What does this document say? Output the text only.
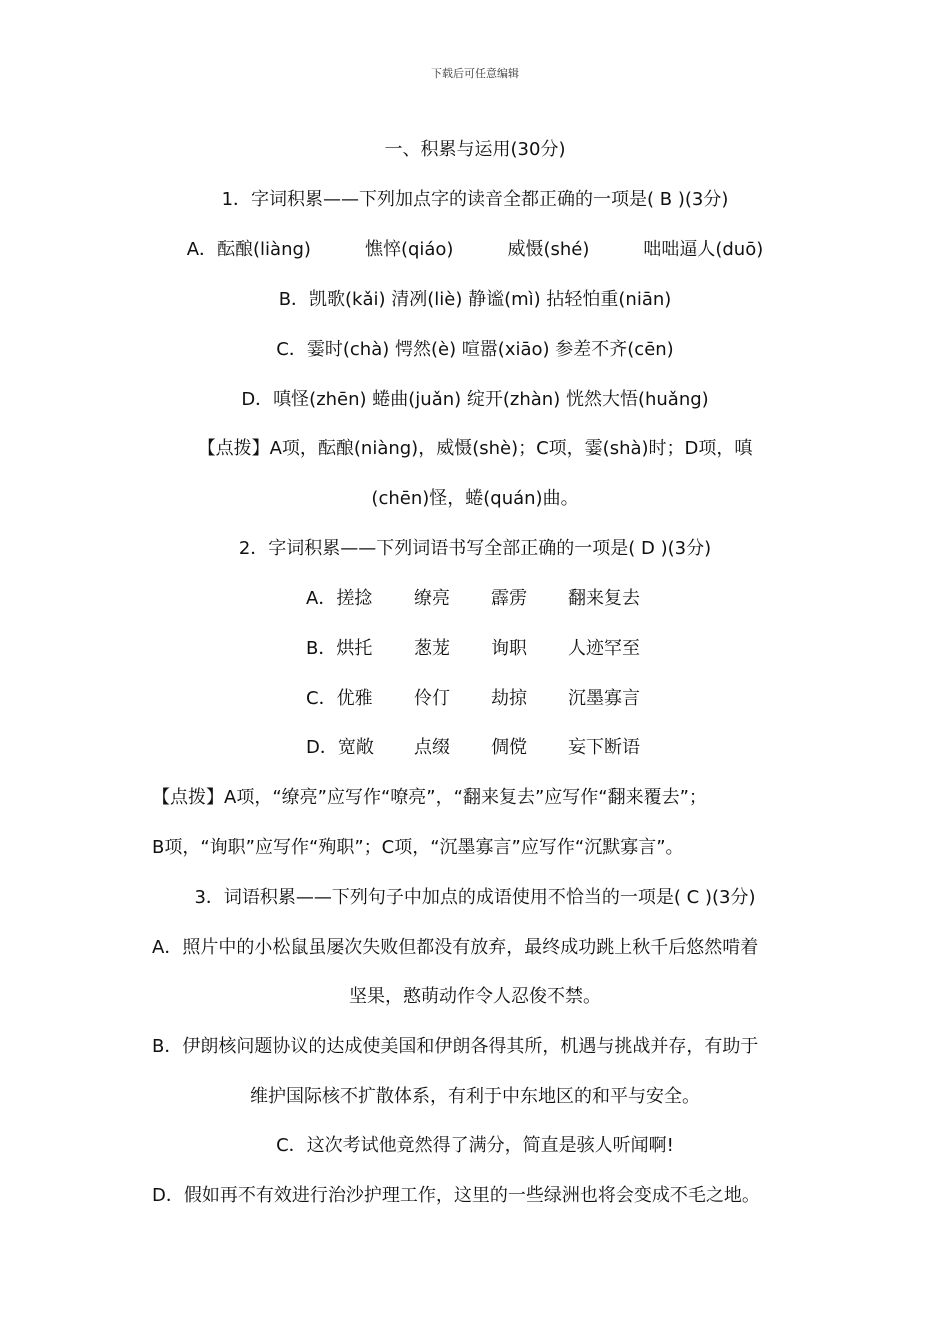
下载后可任意编辑
一、积累与运用(30分)
1．字词积累——下列加点字的读音全都正确的一项是( B )(3分)
A．酝酿(liàng)　　　憔悴(qiáo)　　　威慑(shé)　　　咄咄逼人(duō)
B．凯歌(kǎi) 清冽(liè) 静谧(mì) 拈轻怕重(niān)
C．霎时(chà) 愕然(è) 喧嚣(xiāo) 参差不齐(cēn)
D．嗔怪(zhēn) 蜷曲(juǎn) 绽开(zhàn) 恍然大悟(huǎng)
【点拨】A项，酝酿(niàng)，威慑(shè)；C项，霎(shà)时；D项，嗔
(chēn)怪，蜷(quán)曲。
2．字词积累——下列词语书写全部正确的一项是( D )(3分)
A．搓捻 缭亮 霹雳 翻来复去
B．烘托 葱茏 询职 人迹罕至
C．优雅 伶仃 劫掠 沉墨寡言
D．宽敞 点缀 倜傥 妄下断语
【点拨】A项，“缭亮”应写作“嘹亮”，“翻来复去”应写作“翻来覆去”；
B项，“询职”应写作“殉职”；C项，“沉墨寡言”应写作“沉默寡言”。
3．词语积累——下列句子中加点的成语使用不恰当的一项是( C )(3分)
A．照片中的小松鼠虽屡次失败但都没有放弃，最终成功跳上秋千后悠然啃着
坚果，憨萌动作令人忍俊不禁。
B．伊朗核问题协议的达成使美国和伊朗各得其所，机遇与挑战并存，有助于
维护国际核不扩散体系，有利于中东地区的和平与安全。
C．这次考试他竟然得了满分，简直是骇人听闻啊!
D．假如再不有效进行治沙护理工作，这里的一些绿洲也将会变成不毛之地。
